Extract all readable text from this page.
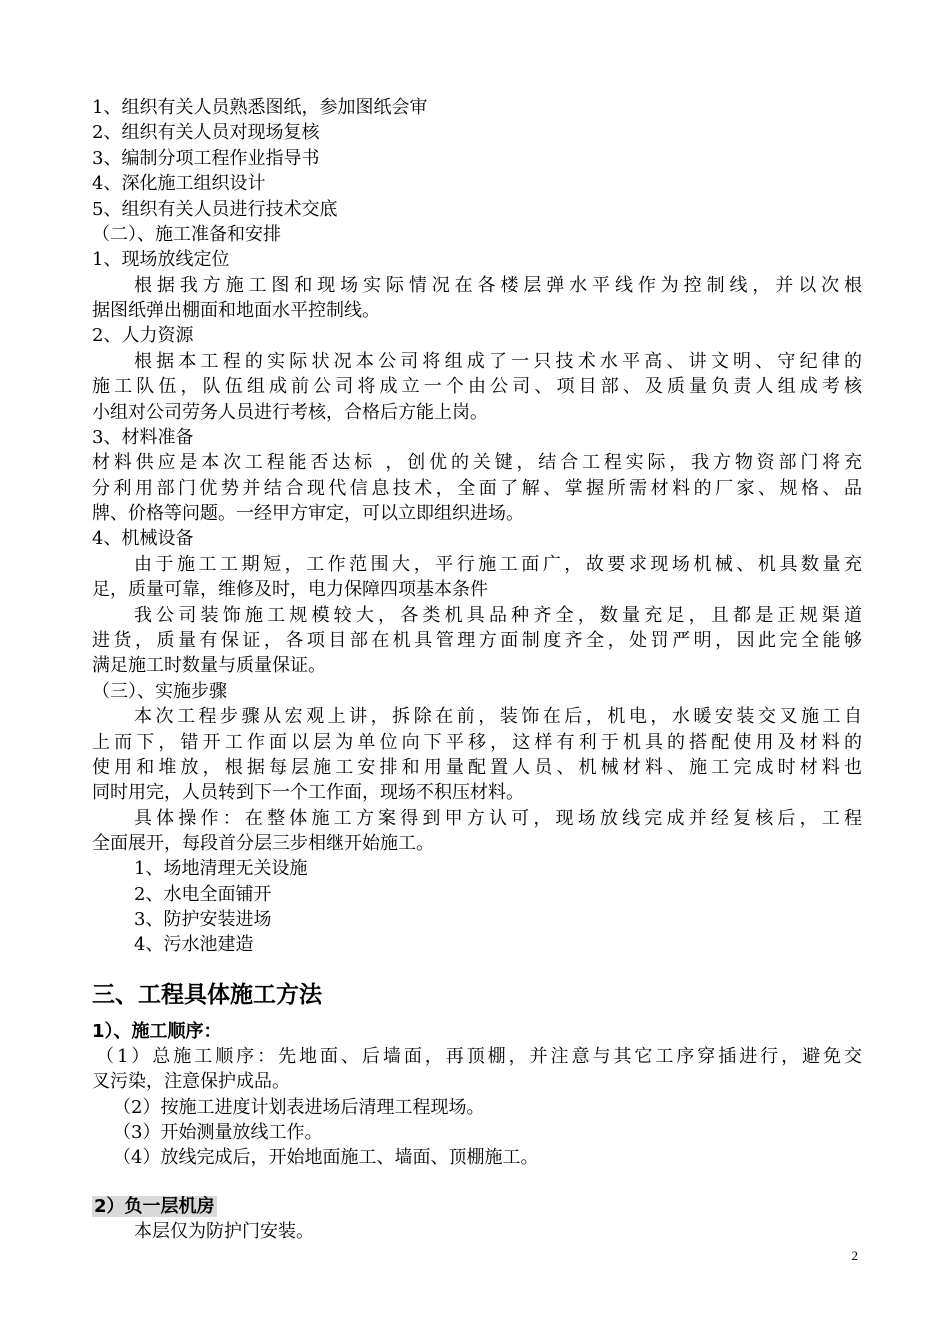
1、组织有关人员熟悉图纸，参加图纸会审
2、组织有关人员对现场复核
3、编制分项工程作业指导书
4、深化施工组织设计
5、组织有关人员进行技术交底
（二）、施工准备和安排
1、现场放线定位
根据我方施工图和现场实际情况在各楼层弹水平线作为控制线，并以次根
据图纸弹出棚面和地面水平控制线。
2、人力资源
根据本工程的实际状况本公司将组成了一只技术水平高、讲文明、守纪律的
施工队伍，队伍组成前公司将成立一个由公司、项目部、及质量负责人组成考核
小组对公司劳务人员进行考核，合格后方能上岗。
3、材料准备
材料供应是本次工程能否达标 ，创优的关键，结合工程实际，我方物资部门将充
分利用部门优势并结合现代信息技术，全面了解、掌握所需材料的厂家、规格、品
牌、价格等问题。一经甲方审定，可以立即组织进场。
4、机械设备
由于施工工期短，工作范围大，平行施工面广，故要求现场机械、机具数量充
足，质量可靠，维修及时，电力保障四项基本条件
我公司装饰施工规模较大，各类机具品种齐全，数量充足，且都是正规渠道
进货，质量有保证，各项目部在机具管理方面制度齐全，处罚严明，因此完全能够
满足施工时数量与质量保证。
（三）、实施步骤
本次工程步骤从宏观上讲，拆除在前，装饰在后，机电，水暖安装交叉施工自
上而下，错开工作面以层为单位向下平移，这样有利于机具的搭配使用及材料的
使用和堆放，根据每层施工安排和用量配置人员、机械材料、施工完成时材料也
同时用完，人员转到下一个工作面，现场不积压材料。
具体操作：在整体施工方案得到甲方认可，现场放线完成并经复核后，工程
全面展开，每段首分层三步相继开始施工。
1、场地清理无关设施
2、水电全面铺开
3、防护安装进场
4、污水池建造
三、工程具体施工方法
1）、施工顺序：
（1）总施工顺序：先地面、后墙面，再顶棚，并注意与其它工序穿插进行，避免交
叉污染，注意保护成品。
（2）按施工进度计划表进场后清理工程现场。
（3）开始测量放线工作。
（4）放线完成后，开始地面施工、墙面、顶棚施工。
2）负一层机房
本层仅为防护门安装。
2
